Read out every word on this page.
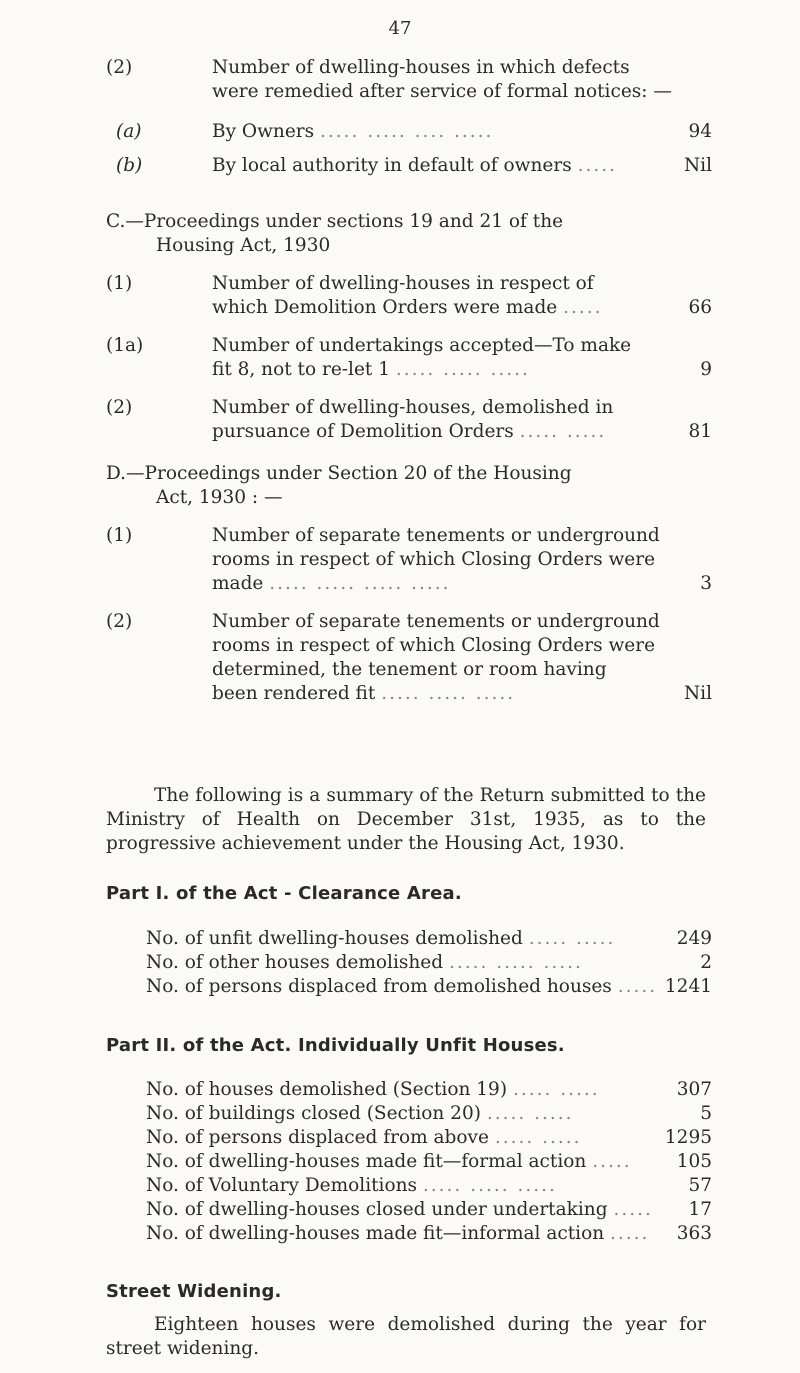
47
(2)	Number of dwelling-houses in which defects
were remedied after service of formal notices: —
(a)	By Owners ..... ..... .... .....	94
(b)	By local authority in default of owners .....	Nil
C.—Proceedings under sections 19 and 21 of the
Housing Act, 1930
(1)	Number of dwelling-houses in respect of
which Demolition Orders were made .....	66
(1a)	Number of undertakings accepted—To make
fit 8, not to re-let 1 ..... ..... .....	9
(2)	Number of dwelling-houses, demolished in
pursuance of Demolition Orders ..... .....	81
D.—Proceedings under Section 20 of the Housing
Act, 1930 : —
(1)	Number of separate tenements or underground
rooms in respect of which Closing Orders were
made ..... ..... ..... .....	3
(2)	Number of separate tenements or underground
rooms in respect of which Closing Orders were
determined, the tenement or room having
been rendered fit ..... ..... .....	Nil
The following is a summary of the Return submitted to the Ministry of Health on December 31st, 1935, as to the progressive achievement under the Housing Act, 1930.
Part I. of the Act - Clearance Area.
No. of unfit dwelling-houses demolished ..... .....	249
No. of other houses demolished ..... ..... .....	2
No. of persons displaced from demolished houses ..... 1241
Part II. of the Act. Individually Unfit Houses.
No. of houses demolished (Section 19) ..... .....	307
No. of buildings closed (Section 20) ..... .....	5
No. of persons displaced from above ..... .....	1295
No. of dwelling-houses made fit—formal action ..... 105
No. of Voluntary Demolitions ..... ..... .....	57
No. of dwelling-houses closed under undertaking ..... 17
No. of dwelling-houses made fit—informal action ..... 363
Street Widening.
Eighteen houses were demolished during the year for street widening.
